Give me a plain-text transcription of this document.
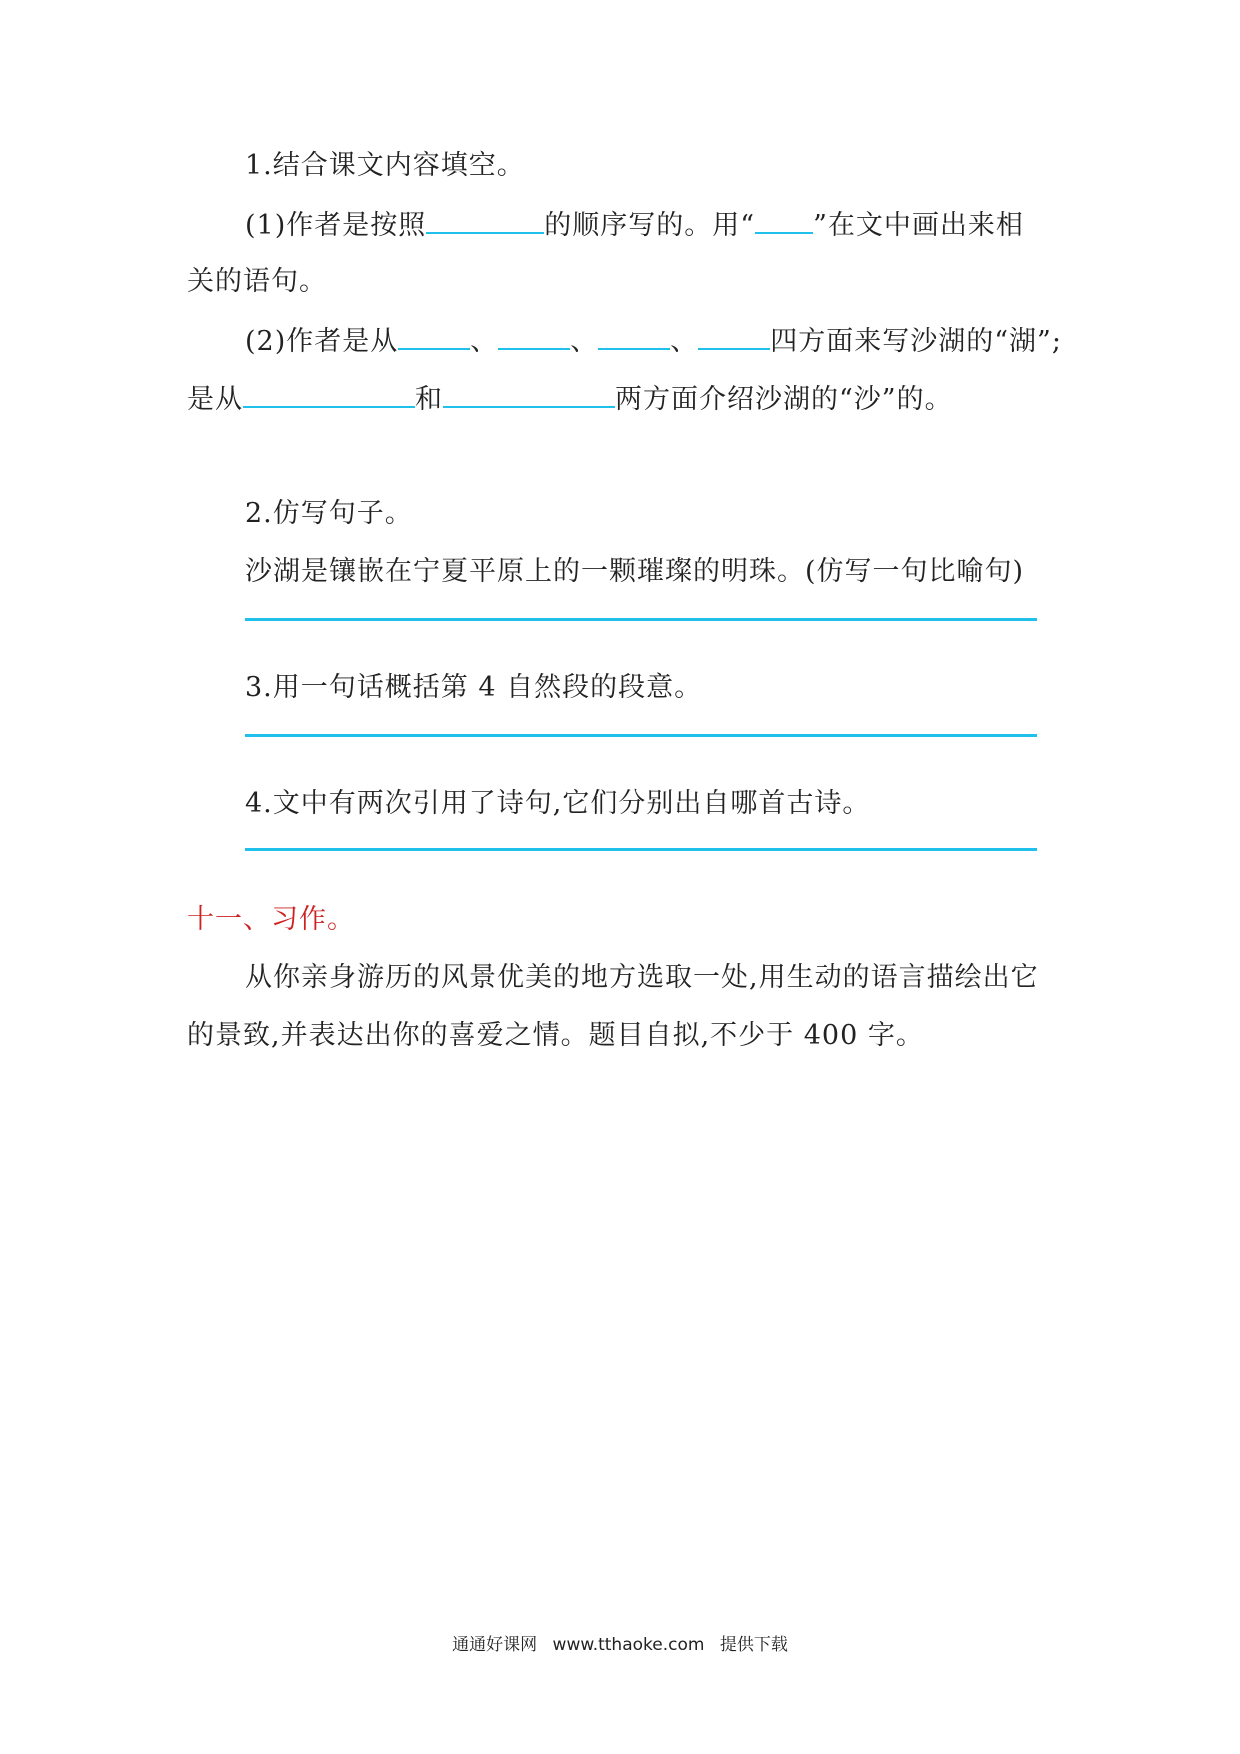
1.结合课文内容填空。
(1)作者是按照	的顺序写的。用“ ”在文中画出来相
关的语句。
(2)作者是从	、	、	、	四方面来写沙湖的“湖”;
是从	和	两方面介绍沙湖的“沙”的。
2.仿写句子。
沙湖是镶嵌在宁夏平原上的一颗璀璨的明珠。(仿写一句比喻句)
3.用一句话概括第 4 自然段的段意。
4.文中有两次引用了诗句,它们分别出自哪首古诗。
十一、习作。
从你亲身游历的风景优美的地方选取一处,用生动的语言描绘出它
的景致,并表达出你的喜爱之情。题目自拟,不少于 400 字。
通通好课网 www.tthaoke.com 提供下载
